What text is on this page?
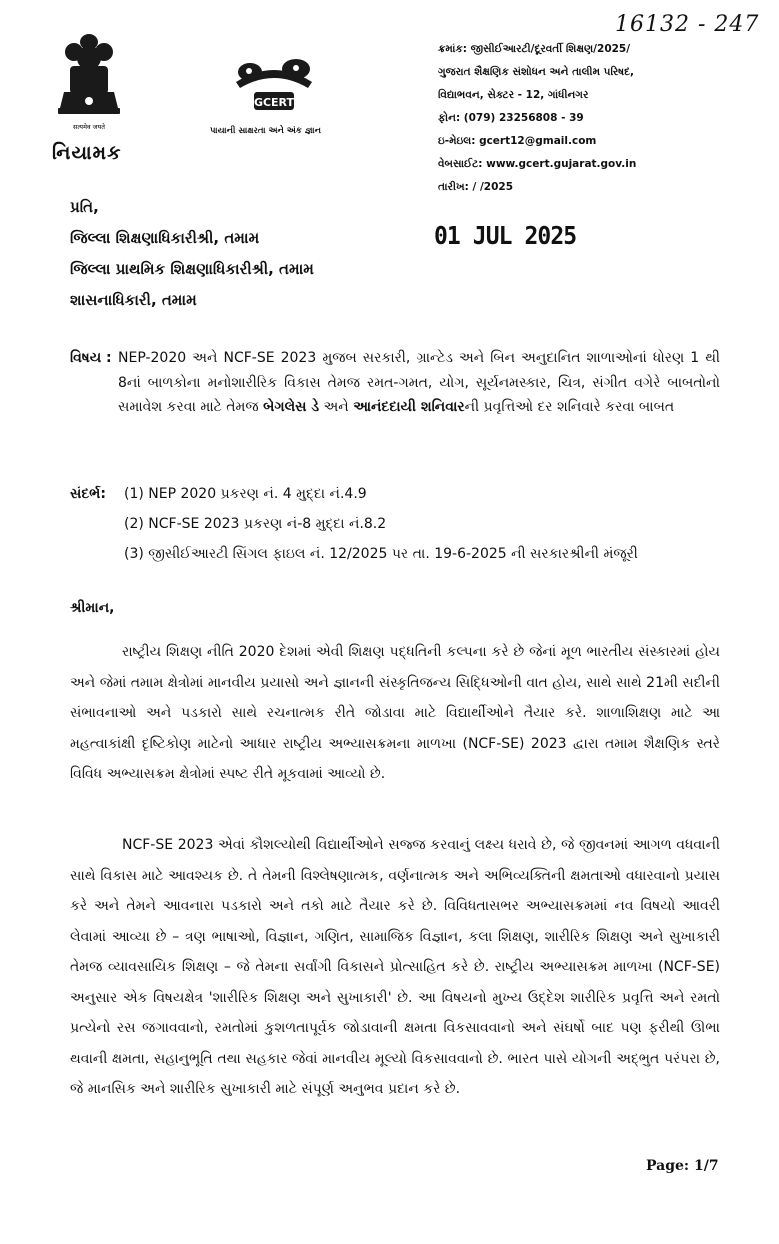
सत्यमेव जयते
GCERT
પાયાની સાક્ષરતા અને અંક જ્ઞાન
નિયામક
16132 - 247
ક્રમાંક: જીસીઈઆરટી/દૂરવર્તી શિક્ષણ/2025/
ગુજરાત શૈક્ષણિક સંશોધન અને તાલીમ પરિષદ,
વિદ્યાભવન, સેક્ટર - 12, ગાંધીનગર
ફોન: (079) 23256808 - 39
ઇ-મેઇલ: gcert12@gmail.com
વેબસાઈટ: www.gcert.gujarat.gov.in
તારીખ: / /2025
01 JUL 2025
પ્રતિ,
જિલ્લા શિક્ષણાધિકારીશ્રી, તમામ
જિલ્લા પ્રાથમિક શિક્ષણાધિકારીશ્રી, તમામ
શાસનાધિકારી, તમામ
વિષય : NEP-2020 અને NCF-SE 2023 મુજબ સરકારી, ગ્રાન્ટેડ અને બિન અનુદાનિત શાળાઓનાં ધોરણ 1 થી 8નાં બાળકોના મનોશારીરિક વિકાસ તેમજ રમત-ગમત, યોગ, સૂર્યનમસ્કાર, ચિત્ર, સંગીત વગેરે બાબતોનો સમાવેશ કરવા માટે તેમજ બેગલેસ ડે અને આનંદદાયી શનિવારની પ્રવૃત્તિઓ દર શનિવારે કરવા બાબત
સંદર્ભ: (1) NEP 2020 પ્રકરણ નં. 4 મુદ્દા નં.4.9
(2) NCF-SE 2023 પ્રકરણ નં-8 મુદ્દા નં.8.2
(3) જીસીઈઆરટી સિંગલ ફાઇલ નં. 12/2025 પર તા. 19-6-2025 ની સરકારશ્રીની મંજૂરી
શ્રીમાન,
રાષ્ટ્રીય શિક્ષણ નીતિ 2020 દેશમાં એવી શિક્ષણ પદ્ધતિની કલ્પના કરે છે જેનાં મૂળ ભારતીય સંસ્કારમાં હોય અને જેમાં તમામ ક્ષેત્રોમાં માનવીય પ્રયાસો અને જ્ઞાનની સંસ્કૃતિજન્ય સિદ્ધિઓની વાત હોય, સાથે સાથે 21મી સદીની સંભાવનાઓ અને પડકારો સાથે રચનાત્મક રીતે જોડાવા માટે વિદ્યાર્થીઓને તૈયાર કરે. શાળાશિક્ષણ માટે આ મહત્વાકાંક્ષી દૃષ્ટિકોણ માટેનો આધાર રાષ્ટ્રીય અભ્યાસક્રમના માળખા (NCF-SE) 2023 દ્વારા તમામ શૈક્ષણિક સ્તરે વિવિધ અભ્યાસક્રમ ક્ષેત્રોમાં સ્પષ્ટ રીતે મૂકવામાં આવ્યો છે.
NCF-SE 2023 એવાં કૌશલ્યોથી વિદ્યાર્થીઓને સજ્જ કરવાનું લક્ષ્ય ધરાવે છે, જે જીવનમાં આગળ વધવાની સાથે વિકાસ માટે આવશ્યક છે. તે તેમની વિશ્લેષણાત્મક, વર્ણનાત્મક અને અભિવ્યક્તિની ક્ષમતાઓ વધારવાનો પ્રયાસ કરે અને તેમને આવનારા પડકારો અને તકો માટે તૈયાર કરે છે. વિવિધતાસભર અભ્યાસક્રમમાં નવ વિષયો આવરી લેવામાં આવ્યા છે – ત્રણ ભાષાઓ, વિજ્ઞાન, ગણિત, સામાજિક વિજ્ઞાન, કલા શિક્ષણ, શારીરિક શિક્ષણ અને સુખાકારી તેમજ વ્યાવસાયિક શિક્ષણ – જે તેમના સર્વાંગી વિકાસને પ્રોત્સાહિત કરે છે. રાષ્ટ્રીય અભ્યાસક્રમ માળખા (NCF-SE) અનુસાર એક વિષયક્ષેત્ર 'શારીરિક શિક્ષણ અને સુખાકારી' છે. આ વિષયનો મુખ્ય ઉદ્દેશ શારીરિક પ્રવૃત્તિ અને રમતો પ્રત્યેનો રસ જગાવવાનો, રમતોમાં કુશળતાપૂર્વક જોડાવાની ક્ષમતા વિકસાવવાનો અને સંઘર્ષો બાદ પણ ફરીથી ઊભા થવાની ક્ષમતા, સહાનુભૂતિ તથા સહકાર જેવાં માનવીય મૂલ્યો વિકસાવવાનો છે. ભારત પાસે યોગની અદ્ભુત પરંપરા છે, જે માનસિક અને શારીરિક સુખાકારી માટે સંપૂર્ણ અનુભવ પ્રદાન કરે છે.
Page: 1/7
